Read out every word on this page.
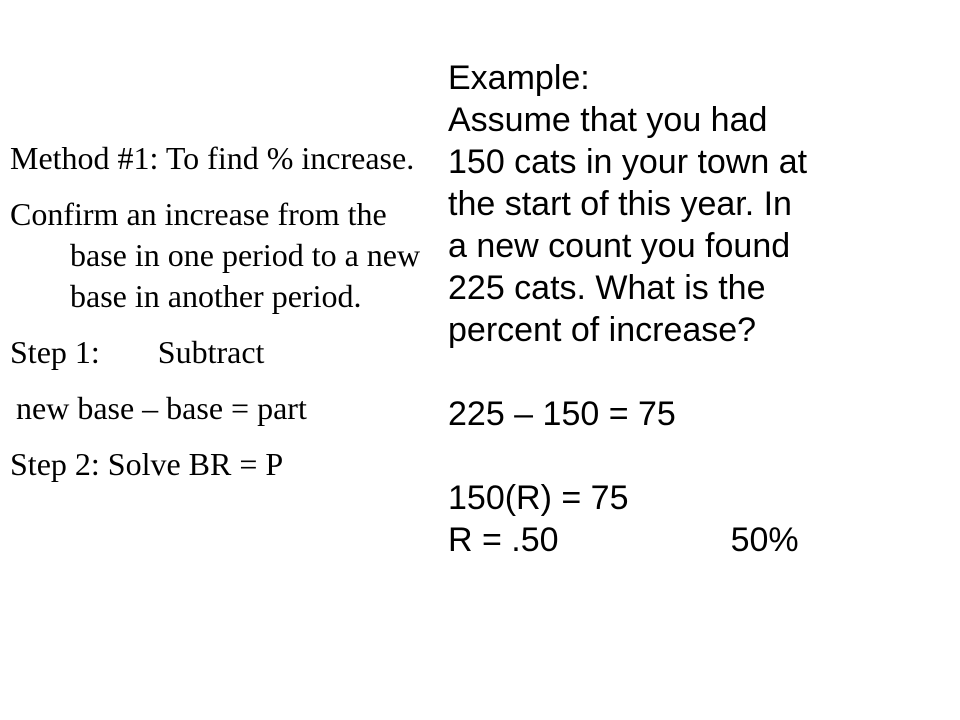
Method #1: To find % increase.

Confirm an increase from the base in one period to a new base in another period.

Step 1: Subtract

new base – base = part

Step 2: Solve BR = P

Example:
Assume that you had
150 cats in your town at
the start of this year. In
a new count you found
225 cats. What is the
percent of increase?
225 – 150 = 75
150(R) = 75
R = .50	50%
